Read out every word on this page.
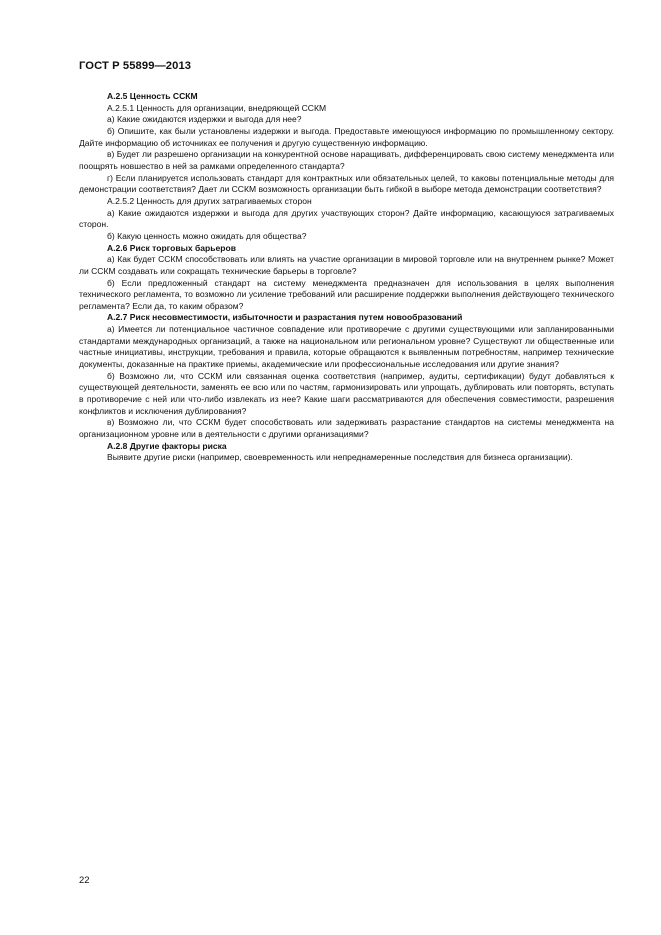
ГОСТ Р 55899—2013

А.2.5 Ценность ССКМ

А.2.5.1 Ценность для организации, внедряющей ССКМ

а) Какие ожидаются издержки и выгода для нее?

б) Опишите, как были установлены издержки и выгода. Предоставьте имеющуюся информацию по промышленному сектору. Дайте информацию об источниках ее получения и другую существенную информацию.

в) Будет ли разрешено организации на конкурентной основе наращивать, дифференцировать свою систему менеджмента или поощрять новшество в ней за рамками определенного стандарта?

г) Если планируется использовать стандарт для контрактных или обязательных целей, то каковы потенциальные методы для демонстрации соответствия? Дает ли ССКМ возможность организации быть гибкой в выборе метода демонстрации соответствия?

А.2.5.2 Ценность для других затрагиваемых сторон

а) Какие ожидаются издержки и выгода для других участвующих сторон? Дайте информацию, касающуюся затрагиваемых сторон.

б) Какую ценность можно ожидать для общества?

А.2.6 Риск торговых барьеров

а) Как будет ССКМ способствовать или влиять на участие организации в мировой торговле или на внутреннем рынке? Может ли ССКМ создавать или сокращать технические барьеры в торговле?

б) Если предложенный стандарт на систему менеджмента предназначен для использования в целях выполнения технического регламента, то возможно ли усиление требований или расширение поддержки выполнения действующего технического регламента? Если да, то каким образом?

А.2.7 Риск несовместимости, избыточности и разрастания путем новообразований

а) Имеется ли потенциальное частичное совпадение или противоречие с другими существующими или запланированными стандартами международных организаций, а также на национальном или региональном уровне? Существуют ли общественные или частные инициативы, инструкции, требования и правила, которые обращаются к выявленным потребностям, например технические документы, доказанные на практике приемы, академические или профессиональные исследования или другие знания?

б) Возможно ли, что ССКМ или связанная оценка соответствия (например, аудиты, сертификации) будут добавляться к существующей деятельности, заменять ее всю или по частям, гармонизировать или упрощать, дублировать или повторять, вступать в противоречие с ней или что-либо извлекать из нее? Какие шаги рассматриваются для обеспечения совместимости, разрешения конфликтов и исключения дублирования?

в) Возможно ли, что ССКМ будет способствовать или задерживать разрастание стандартов на системы менеджмента на организационном уровне или в деятельности с другими организациями?

А.2.8 Другие факторы риска

Выявите другие риски (например, своевременность или непреднамеренные последствия для бизнеса организации).

22
